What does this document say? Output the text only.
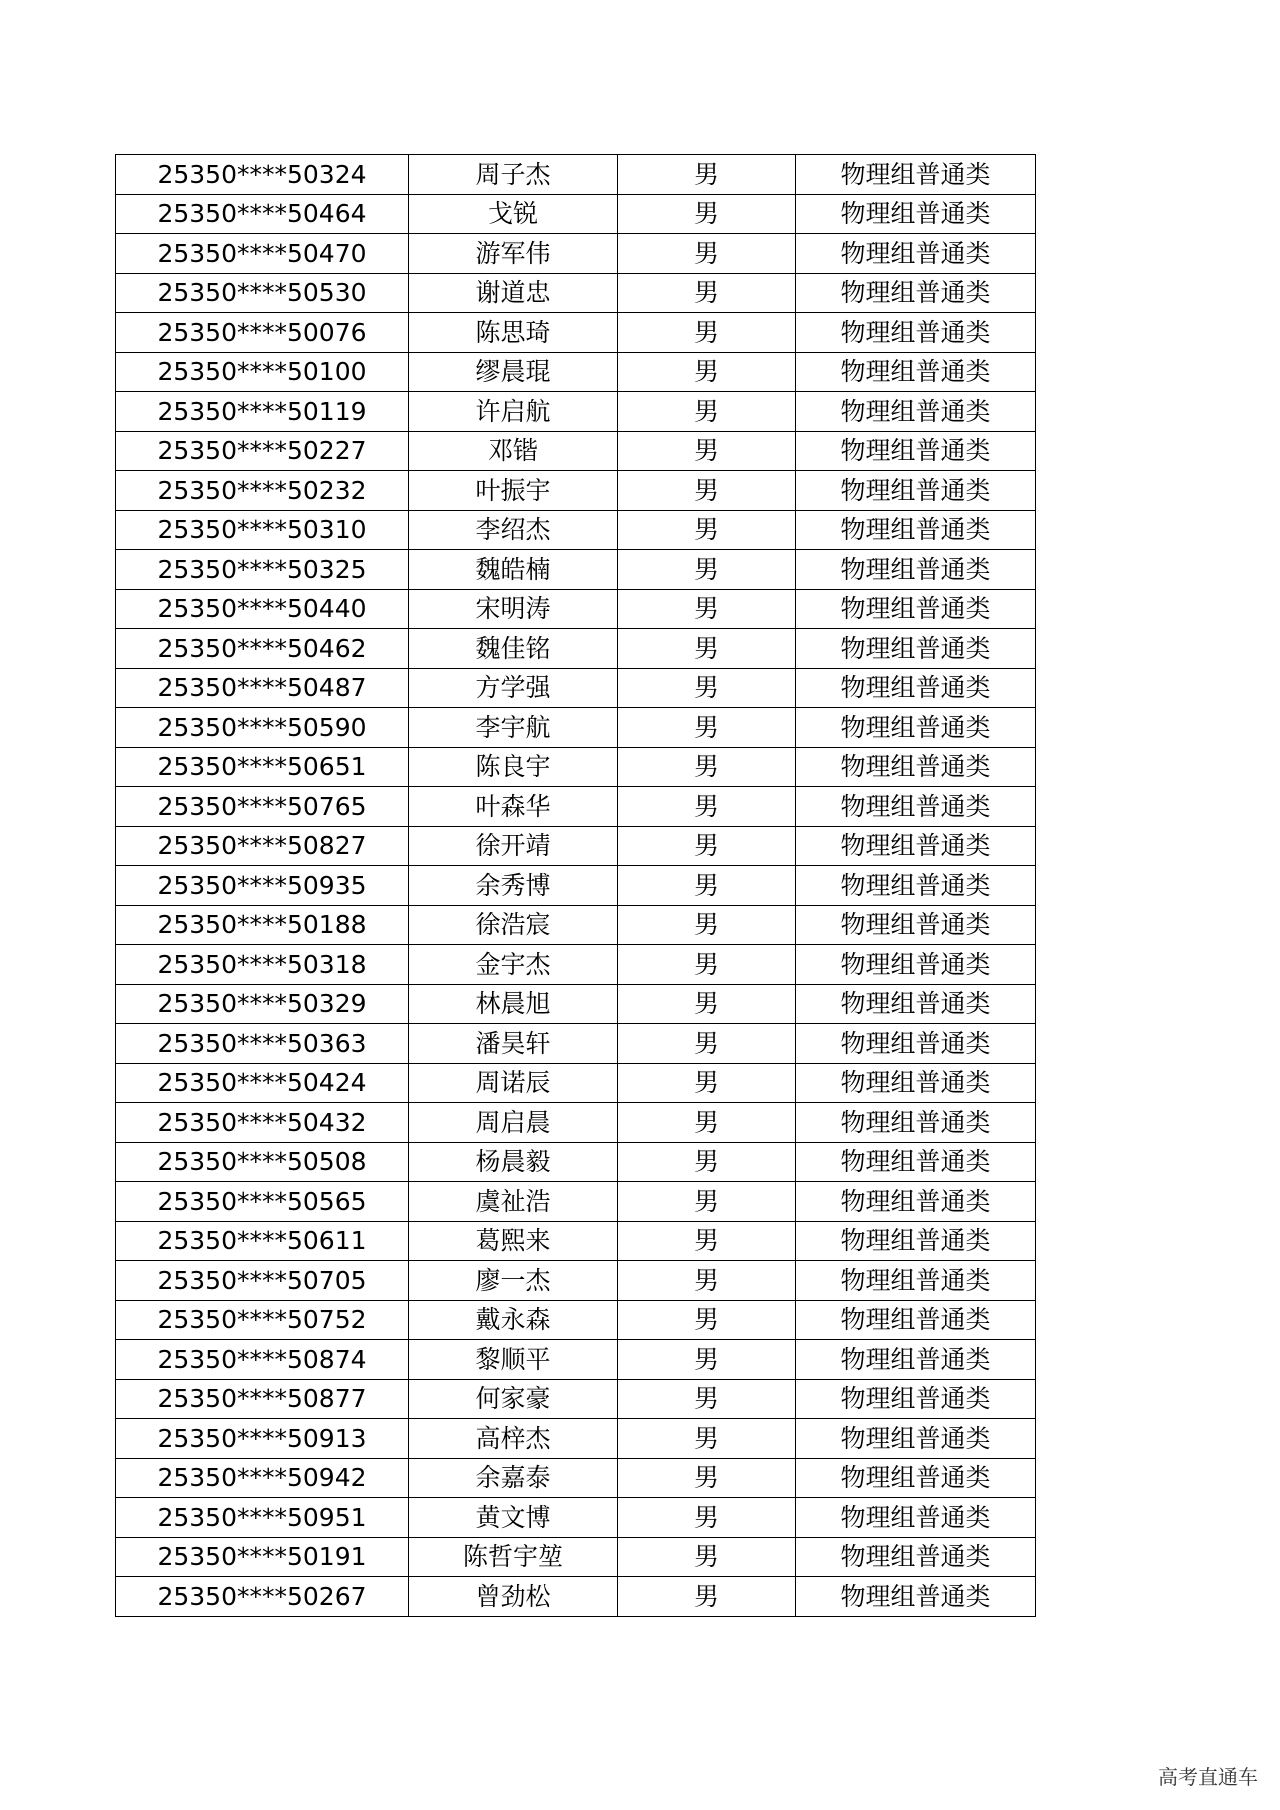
25350****50324	周子杰	男	物理组普通类
25350****50464	戈锐	男	物理组普通类
25350****50470	游军伟	男	物理组普通类
25350****50530	谢道忠	男	物理组普通类
25350****50076	陈思琦	男	物理组普通类
25350****50100	缪晨琨	男	物理组普通类
25350****50119	许启航	男	物理组普通类
25350****50227	邓锴	男	物理组普通类
25350****50232	叶振宇	男	物理组普通类
25350****50310	李绍杰	男	物理组普通类
25350****50325	魏皓楠	男	物理组普通类
25350****50440	宋明涛	男	物理组普通类
25350****50462	魏佳铭	男	物理组普通类
25350****50487	方学强	男	物理组普通类
25350****50590	李宇航	男	物理组普通类
25350****50651	陈良宇	男	物理组普通类
25350****50765	叶森华	男	物理组普通类
25350****50827	徐开靖	男	物理组普通类
25350****50935	余秀博	男	物理组普通类
25350****50188	徐浩宸	男	物理组普通类
25350****50318	金宇杰	男	物理组普通类
25350****50329	林晨旭	男	物理组普通类
25350****50363	潘昊轩	男	物理组普通类
25350****50424	周诺辰	男	物理组普通类
25350****50432	周启晨	男	物理组普通类
25350****50508	杨晨毅	男	物理组普通类
25350****50565	虞祉浩	男	物理组普通类
25350****50611	葛熙来	男	物理组普通类
25350****50705	廖一杰	男	物理组普通类
25350****50752	戴永森	男	物理组普通类
25350****50874	黎顺平	男	物理组普通类
25350****50877	何家豪	男	物理组普通类
25350****50913	高梓杰	男	物理组普通类
25350****50942	余嘉泰	男	物理组普通类
25350****50951	黄文博	男	物理组普通类
25350****50191	陈哲宇堃	男	物理组普通类
25350****50267	曾劲松	男	物理组普通类
高考直通车
